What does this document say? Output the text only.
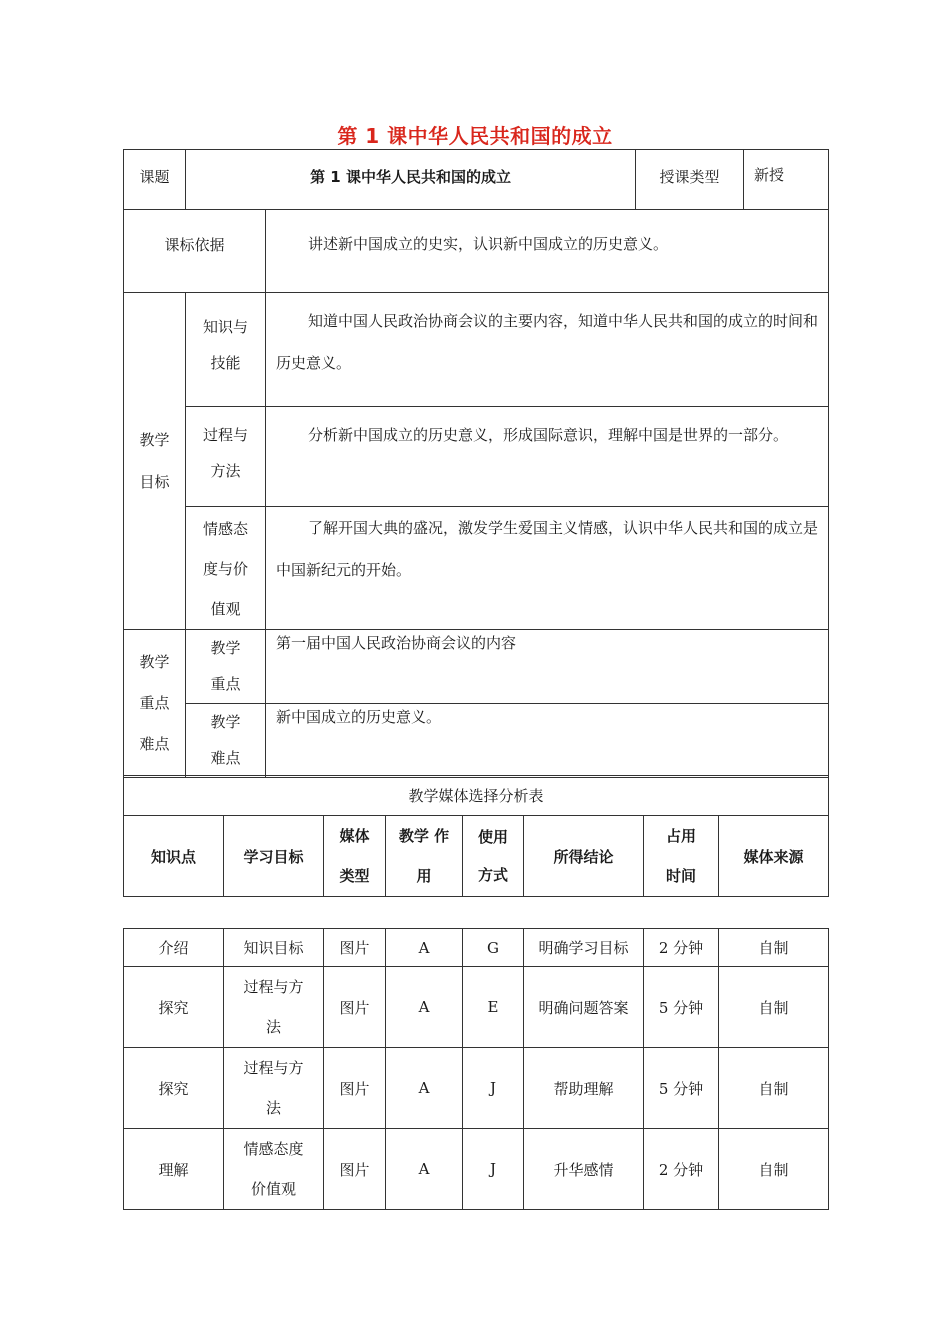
第 1 课中华人民共和国的成立
课题	第 1 课中华人民共和国的成立		授课类型	新授
课标依据		讲述新中国成立的史实，认识新中国成立的历史意义。		

教学目标	知识与技能	知道中国人民政治协商会议的主要内容，知道中华人民共和国的成立的时间和历史意义。		

	过程与方法	分析新中国成立的历史意义，形成国际意识，理解中国是世界的一部分。		

	情感态度与价值观	了解开国大典的盛况，激发学生爱国主义情感，认识中华人民共和国的成立是中国新纪元的开始。		

教学重点难点	教学重点	第一届中国人民政治协商会议的内容		
	教学难点	新中国成立的历史意义。		
教学媒体选择分析表
知识点	学习目标	媒体类型	教学 作用	使用方式	所得结论	占用 时间	媒体来源
介绍	知识目标	图片	A	G	明确学习目标	2 分钟	自制
探究	过程与方法	图片	A	E	明确问题答案	5 分钟	自制
探究	过程与方法	图片	A	J	帮助理解	5 分钟	自制
理解	情感态度价值观	图片	A	J	升华感情	2 分钟	自制
